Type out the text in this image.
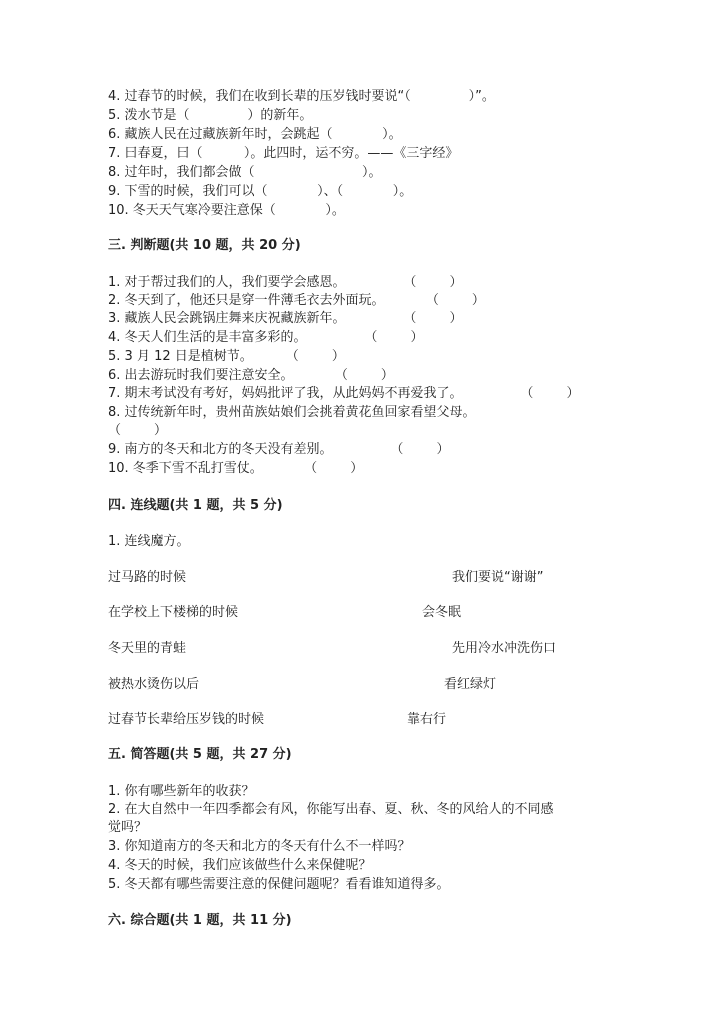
4. 过春节的时候，我们在收到长辈的压岁钱时要说“（              ）”。
5. 泼水节是（              ）的新年。
6. 藏族人民在过藏族新年时，会跳起（            ）。
7. 曰春夏，曰（          ）。此四时，运不穷。——《三字经》
8. 过年时，我们都会做（                          ）。
9. 下雪的时候，我们可以（            ）、（            ）。
10. 冬天天气寒冷要注意保（            ）。
三. 判断题(共 10 题，共 20 分)
1. 对于帮过我们的人，我们要学会感恩。              （        ）
2. 冬天到了，他还只是穿一件薄毛衣去外面玩。          （        ）
3. 藏族人民会跳锅庄舞来庆祝藏族新年。              （        ）
4. 冬天人们生活的是丰富多彩的。              （        ）
5. 3 月 12 日是植树节。        （        ）
6. 出去游玩时我们要注意安全。          （        ）
7. 期末考试没有考好，妈妈批评了我，从此妈妈不再爱我了。              （        ）
8. 过传统新年时，贵州苗族姑娘们会挑着黄花鱼回家看望父母。
（        ）
9. 南方的冬天和北方的冬天没有差别。              （        ）
10. 冬季下雪不乱打雪仗。          （        ）
四. 连线题(共 1 题，共 5 分)
1. 连线魔方。
过马路的时候	我们要说“谢谢”
在学校上下楼梯的时候	会冬眠
冬天里的青蛙	先用冷水冲洗伤口
被热水烫伤以后	看红绿灯
过春节长辈给压岁钱的时候	靠右行
五. 简答题(共 5 题，共 27 分)
1. 你有哪些新年的收获？
2. 在大自然中一年四季都会有风，你能写出春、夏、秋、冬的风给人的不同感
觉吗？
3. 你知道南方的冬天和北方的冬天有什么不一样吗？
4. 冬天的时候，我们应该做些什么来保健呢？
5. 冬天都有哪些需要注意的保健问题呢？看看谁知道得多。
六. 综合题(共 1 题，共 11 分)
